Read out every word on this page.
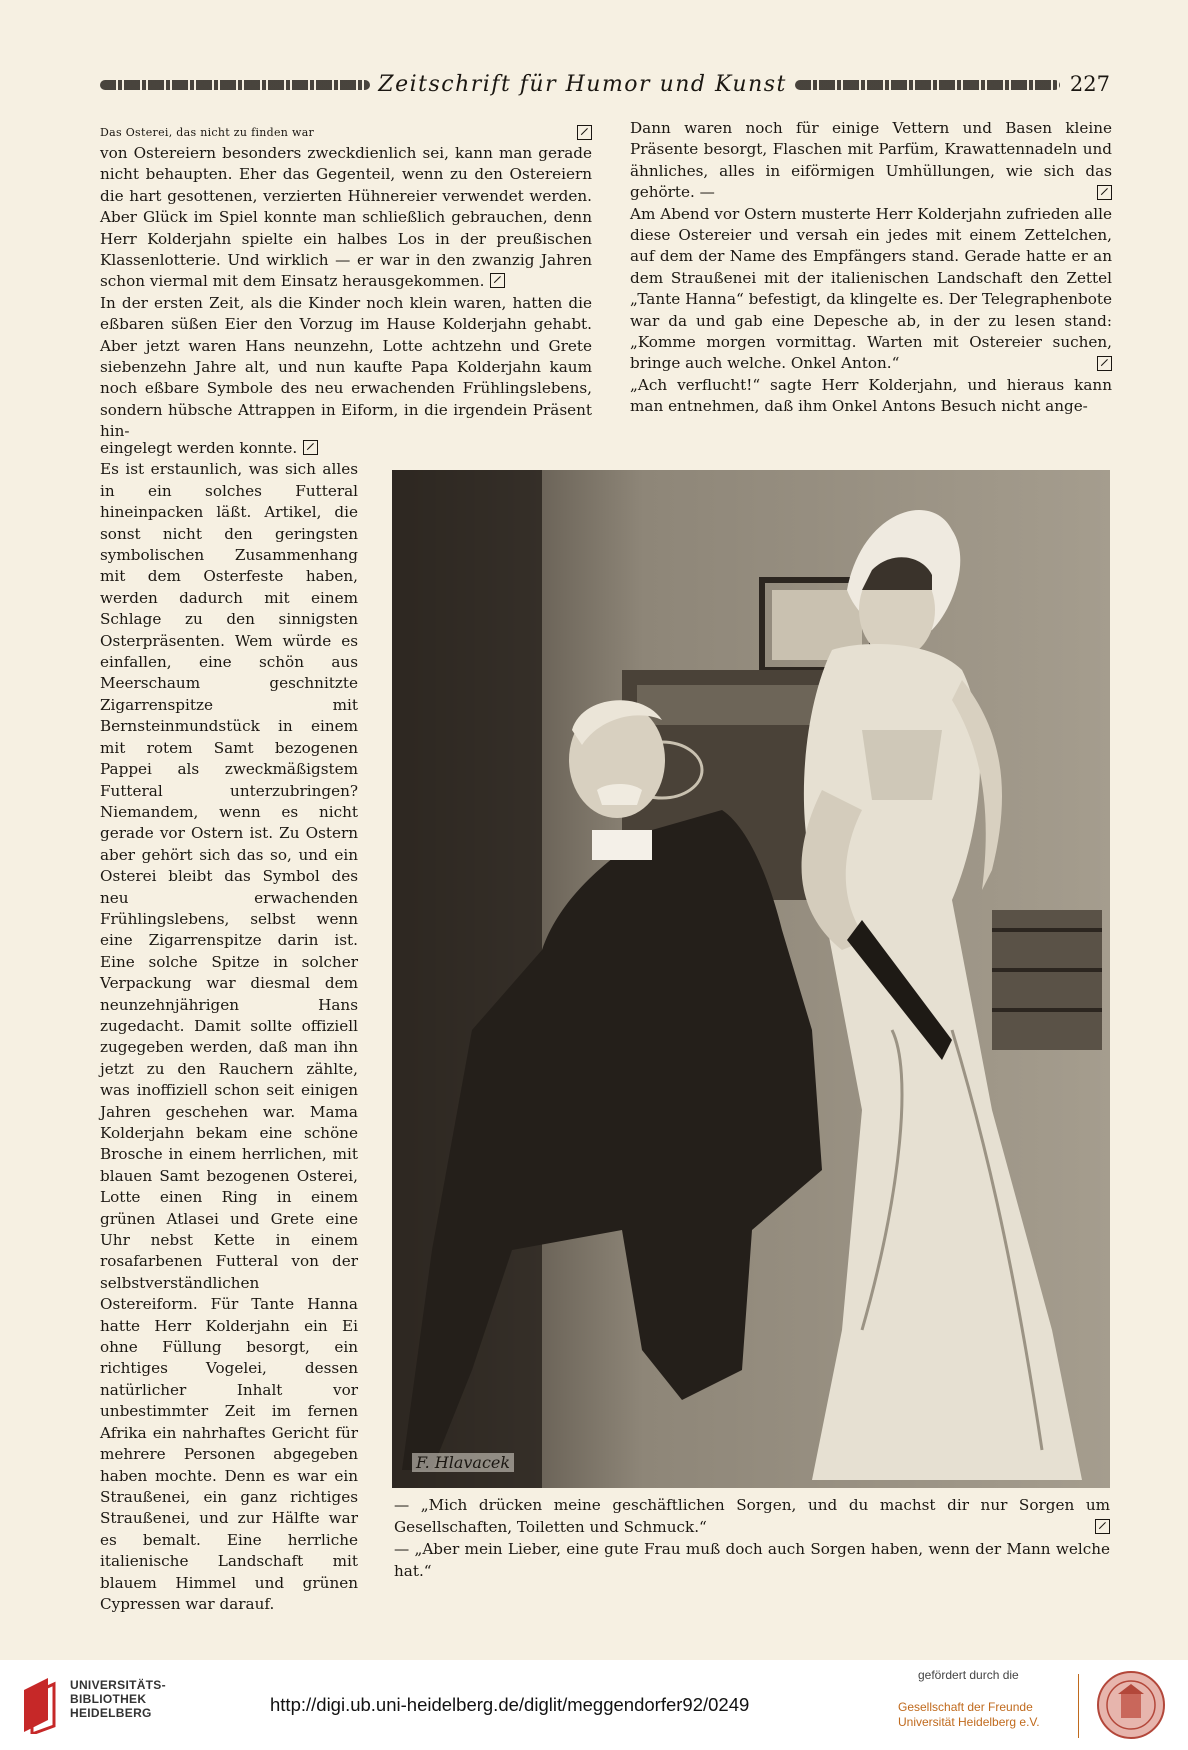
Zeitschrift für Humor und Kunst	227

Das Osterei, das nicht zu finden war

von Ostereiern besonders zweckdienlich sei, kann man gerade nicht behaupten. Eher das Gegenteil, wenn zu den Ostereiern die hart gesottenen, verzierten Hühnereier verwendet werden. Aber Glück im Spiel konnte man schließlich gebrauchen, denn Herr Kolderjahn spielte ein halbes Los in der preußischen Klassenlotterie. Und wirklich — er war in den zwanzig Jahren schon viermal mit dem Einsatz herausgekommen.

In der ersten Zeit, als die Kinder noch klein waren, hatten die eßbaren süßen Eier den Vorzug im Hause Kolderjahn gehabt. Aber jetzt waren Hans neunzehn, Lotte achtzehn und Grete siebenzehn Jahre alt, und nun kaufte Papa Kolderjahn kaum noch eßbare Symbole des neu erwachenden Frühlingslebens, sondern hübsche Attrappen in Eiform, in die irgendein Präsent hin-

eingelegt werden konnte.

Es ist erstaunlich, was sich alles in ein solches Futteral hineinpacken läßt. Artikel, die sonst nicht den geringsten symbolischen Zusammenhang mit dem Osterfeste haben, werden dadurch mit einem Schlage zu den sinnigsten Osterpräsenten. Wem würde es einfallen, eine schön aus Meerschaum geschnitzte Zigarrenspitze mit Bernsteinmundstück in einem mit rotem Samt bezogenen Pappei als zweckmäßigstem Futteral unterzubringen? Niemandem, wenn es nicht gerade vor Ostern ist. Zu Ostern aber gehört sich das so, und ein Osterei bleibt das Symbol des neu erwachenden Frühlingslebens, selbst wenn eine Zigarrenspitze darin ist. Eine solche Spitze in solcher Verpackung war diesmal dem neunzehnjährigen Hans zugedacht. Damit sollte offiziell zugegeben werden, daß man ihn jetzt zu den Rauchern zählte, was inoffiziell schon seit einigen Jahren geschehen war. Mama Kolderjahn bekam eine schöne Brosche in einem herrlichen, mit blauen Samt bezogenen Osterei, Lotte einen Ring in einem grünen Atlasei und Grete eine Uhr nebst Kette in einem rosafarbenen Futteral von der selbstverständlichen Ostereiform. Für Tante Hanna hatte Herr Kolderjahn ein Ei ohne Füllung besorgt, ein richtiges Vogelei, dessen natürlicher Inhalt vor unbestimmter Zeit im fernen Afrika ein nahrhaftes Gericht für mehrere Personen abgegeben haben mochte. Denn es war ein Straußenei, ein ganz richtiges Straußenei, und zur Hälfte war es bemalt. Eine herrliche italienische Landschaft mit blauem Himmel und grünen Cypressen war darauf.

Dann waren noch für einige Vettern und Basen kleine Präsente besorgt, Flaschen mit Parfüm, Krawattennadeln und ähnliches, alles in eiförmigen Umhüllungen, wie sich das gehörte. —

Am Abend vor Ostern musterte Herr Kolderjahn zufrieden alle diese Ostereier und versah ein jedes mit einem Zettelchen, auf dem der Name des Empfängers stand. Gerade hatte er an dem Straußenei mit der italienischen Landschaft den Zettel „Tante Hanna“ befestigt, da klingelte es. Der Telegraphenbote war da und gab eine Depesche ab, in der zu lesen stand: „Komme morgen vormittag. Warten mit Ostereier suchen, bringe auch welche. Onkel Anton.“

„Ach verflucht!“ sagte Herr Kolderjahn, und hieraus kann man entnehmen, daß ihm Onkel Antons Besuch nicht ange-

F. Hlavacek

— „Mich drücken meine geschäftlichen Sorgen, und du machst dir nur Sorgen um Gesellschaften, Toiletten und Schmuck.“

— „Aber mein Lieber, eine gute Frau muß doch auch Sorgen haben, wenn der Mann welche hat.“

UNIVERSITÄTS-
BIBLIOTHEK
HEIDELBERG	http://digi.ub.uni-heidelberg.de/diglit/meggendorfer92/0249
gefördert durch die
Gesellschaft der Freunde
Universität Heidelberg e.V.
